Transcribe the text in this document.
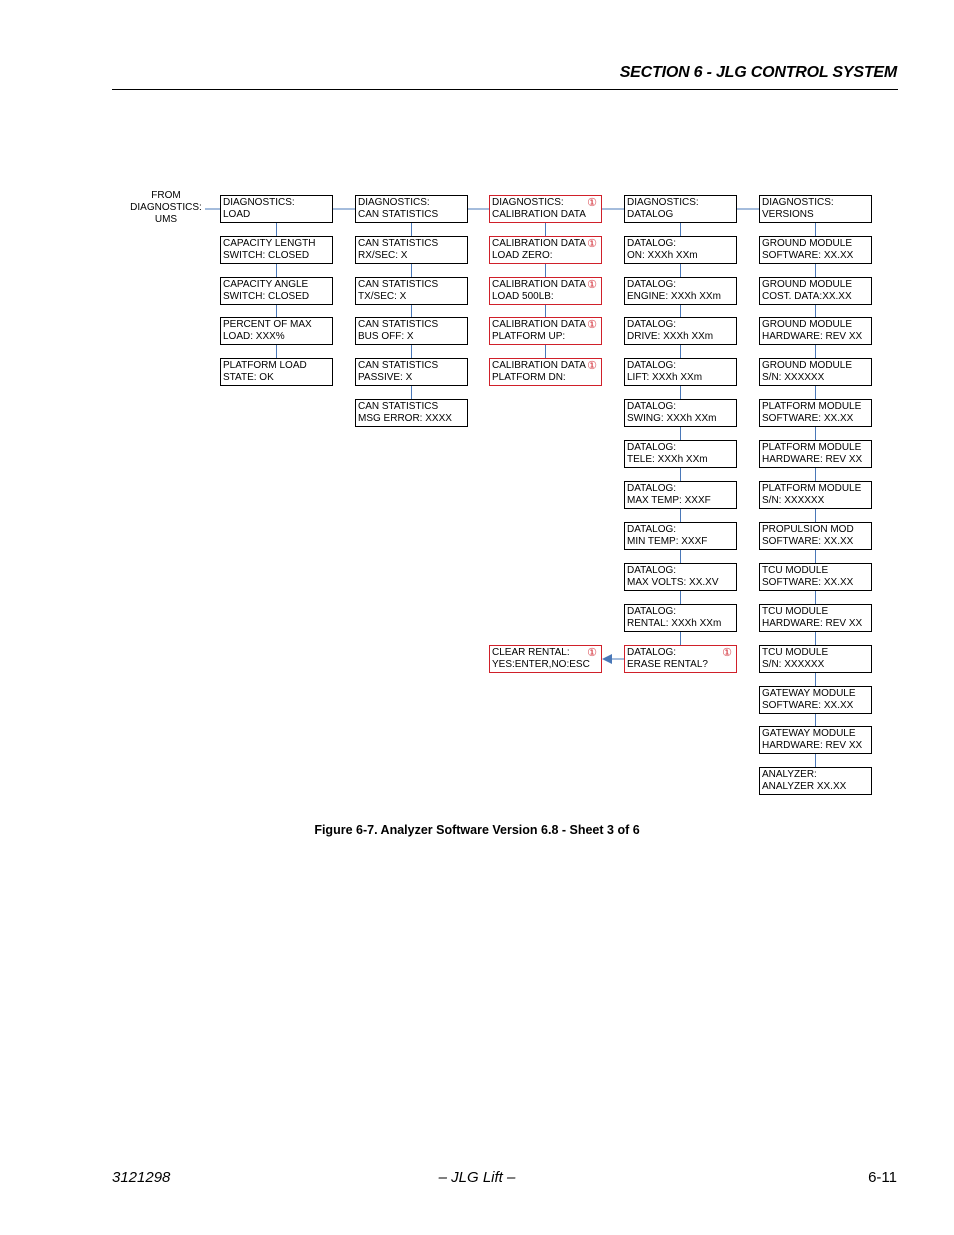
SECTION 6 - JLG CONTROL SYSTEM
FROM
DIAGNOSTICS:
UMS
DIAGNOSTICS:
LOAD
CAPACITY LENGTH
SWITCH: CLOSED
CAPACITY ANGLE
SWITCH: CLOSED
PERCENT OF MAX
LOAD: XXX%
PLATFORM LOAD
STATE: OK
DIAGNOSTICS:
CAN STATISTICS
CAN STATISTICS
RX/SEC: X
CAN STATISTICS
TX/SEC: X
CAN STATISTICS
BUS OFF: X
CAN STATISTICS
PASSIVE: X
CAN STATISTICS
MSG ERROR: XXXX
DIAGNOSTICS:
CALIBRATION DATA
①
CALIBRATION DATA
LOAD ZERO:
①
CALIBRATION DATA
LOAD 500LB:
①
CALIBRATION DATA
PLATFORM UP:
①
CALIBRATION DATA
PLATFORM DN:
①
DIAGNOSTICS:
DATALOG
DATALOG:
ON: XXXh XXm
DATALOG:
ENGINE: XXXh XXm
DATALOG:
DRIVE: XXXh XXm
DATALOG:
LIFT: XXXh XXm
DATALOG:
SWING: XXXh XXm
DATALOG:
TELE: XXXh XXm
DATALOG:
MAX TEMP: XXXF
DATALOG:
MIN TEMP: XXXF
DATALOG:
MAX VOLTS: XX.XV
DATALOG:
RENTAL: XXXh XXm
DATALOG:
ERASE RENTAL?
①
DIAGNOSTICS:
VERSIONS
GROUND MODULE
SOFTWARE: XX.XX
GROUND MODULE
COST. DATA:XX.XX
GROUND MODULE
HARDWARE: REV XX
GROUND MODULE
S/N: XXXXXX
PLATFORM MODULE
SOFTWARE: XX.XX
PLATFORM MODULE
HARDWARE: REV XX
PLATFORM MODULE
S/N: XXXXXX
PROPULSION MOD
SOFTWARE: XX.XX
TCU MODULE
SOFTWARE: XX.XX
TCU MODULE
HARDWARE: REV XX
TCU MODULE
S/N: XXXXXX
GATEWAY MODULE
SOFTWARE: XX.XX
GATEWAY MODULE
HARDWARE: REV XX
ANALYZER:
ANALYZER XX.XX
CLEAR RENTAL:
YES:ENTER,NO:ESC
①
Figure 6-7. Analyzer Software Version 6.8 - Sheet 3 of 6
3121298	– JLG Lift –	6-11
